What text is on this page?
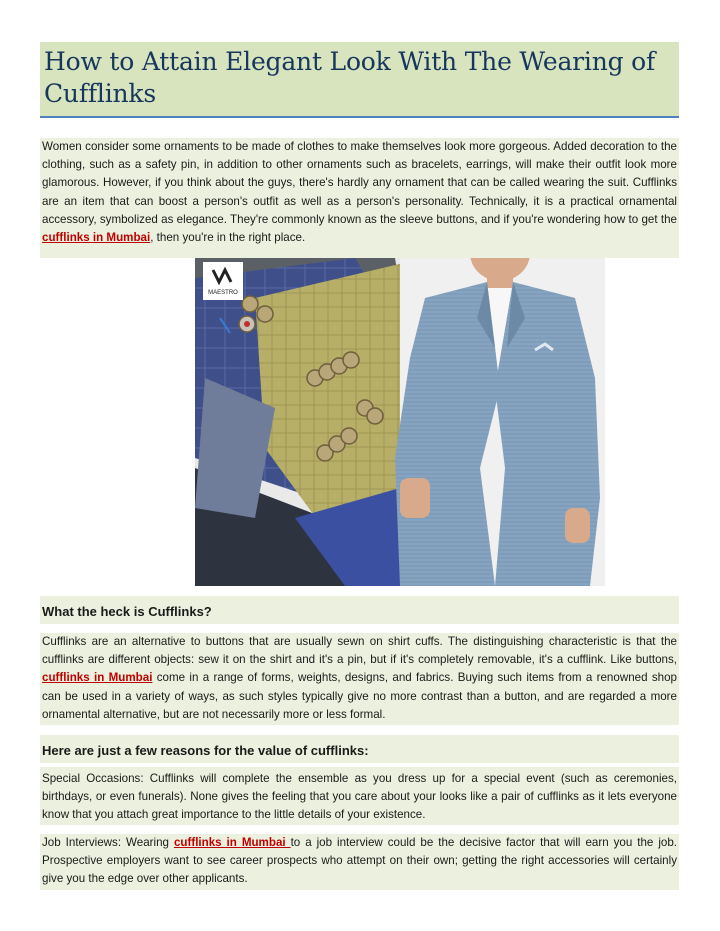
How to Attain Elegant Look With The Wearing of Cufflinks

Women consider some ornaments to be made of clothes to make themselves look more gorgeous. Added decoration to the clothing, such as a safety pin, in addition to other ornaments such as bracelets, earrings, will make their outfit look more glamorous. However, if you think about the guys, there's hardly any ornament that can be called wearing the suit. Cufflinks are an item that can boost a person's outfit as well as a person's personality. Technically, it is a practical ornamental accessory, symbolized as elegance. They're commonly known as the sleeve buttons, and if you're wondering how to get the cufflinks in Mumbai, then you're in the right place.

MAESTRO
What the heck is Cufflinks?

Cufflinks are an alternative to buttons that are usually sewn on shirt cuffs. The distinguishing characteristic is that the cufflinks are different objects: sew it on the shirt and it's a pin, but if it's completely removable, it's a cufflink. Like buttons, cufflinks in Mumbai come in a range of forms, weights, designs, and fabrics. Buying such items from a renowned shop can be used in a variety of ways, as such styles typically give no more contrast than a button, and are regarded a more ornamental alternative, but are not necessarily more or less formal.

Here are just a few reasons for the value of cufflinks:

Special Occasions: Cufflinks will complete the ensemble as you dress up for a special event (such as ceremonies, birthdays, or even funerals). None gives the feeling that you care about your looks like a pair of cufflinks as it lets everyone know that you attach great importance to the little details of your existence.

Job Interviews: Wearing cufflinks in Mumbai to a job interview could be the decisive factor that will earn you the job. Prospective employers want to see career prospects who attempt on their own; getting the right accessories will certainly give you the edge over other applicants.
